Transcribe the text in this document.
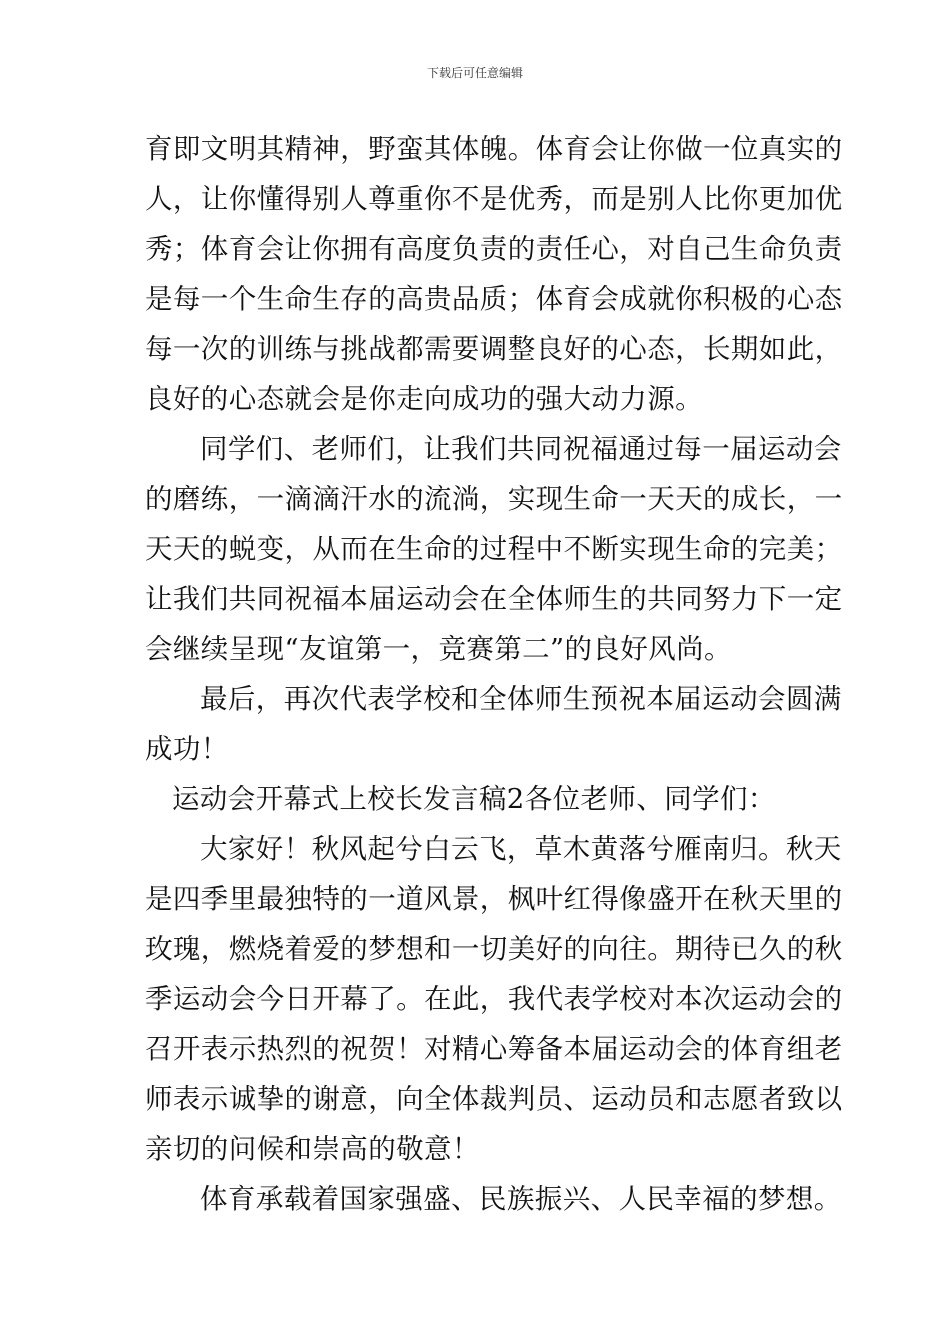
下载后可任意编辑
育即文明其精神，野蛮其体魄。体育会让你做一位真实的
人，让你懂得别人尊重你不是优秀，而是别人比你更加优
秀；体育会让你拥有高度负责的责任心，对自己生命负责
是每一个生命生存的高贵品质；体育会成就你积极的心态
每一次的训练与挑战都需要调整良好的心态，长期如此，
良好的心态就会是你走向成功的强大动力源。
同学们、老师们，让我们共同祝福通过每一届运动会
的磨练，一滴滴汗水的流淌，实现生命一天天的成长，一
天天的蜕变，从而在生命的过程中不断实现生命的完美；
让我们共同祝福本届运动会在全体师生的共同努力下一定
会继续呈现“友谊第一，竞赛第二”的良好风尚。
最后，再次代表学校和全体师生预祝本届运动会圆满
成功！
运动会开幕式上校长发言稿2各位老师、同学们：
大家好！秋风起兮白云飞，草木黄落兮雁南归。秋天
是四季里最独特的一道风景，枫叶红得像盛开在秋天里的
玫瑰，燃烧着爱的梦想和一切美好的向往。期待已久的秋
季运动会今日开幕了。在此，我代表学校对本次运动会的
召开表示热烈的祝贺！对精心筹备本届运动会的体育组老
师表示诚挚的谢意，向全体裁判员、运动员和志愿者致以
亲切的问候和崇高的敬意！
体育承载着国家强盛、民族振兴、人民幸福的梦想。
